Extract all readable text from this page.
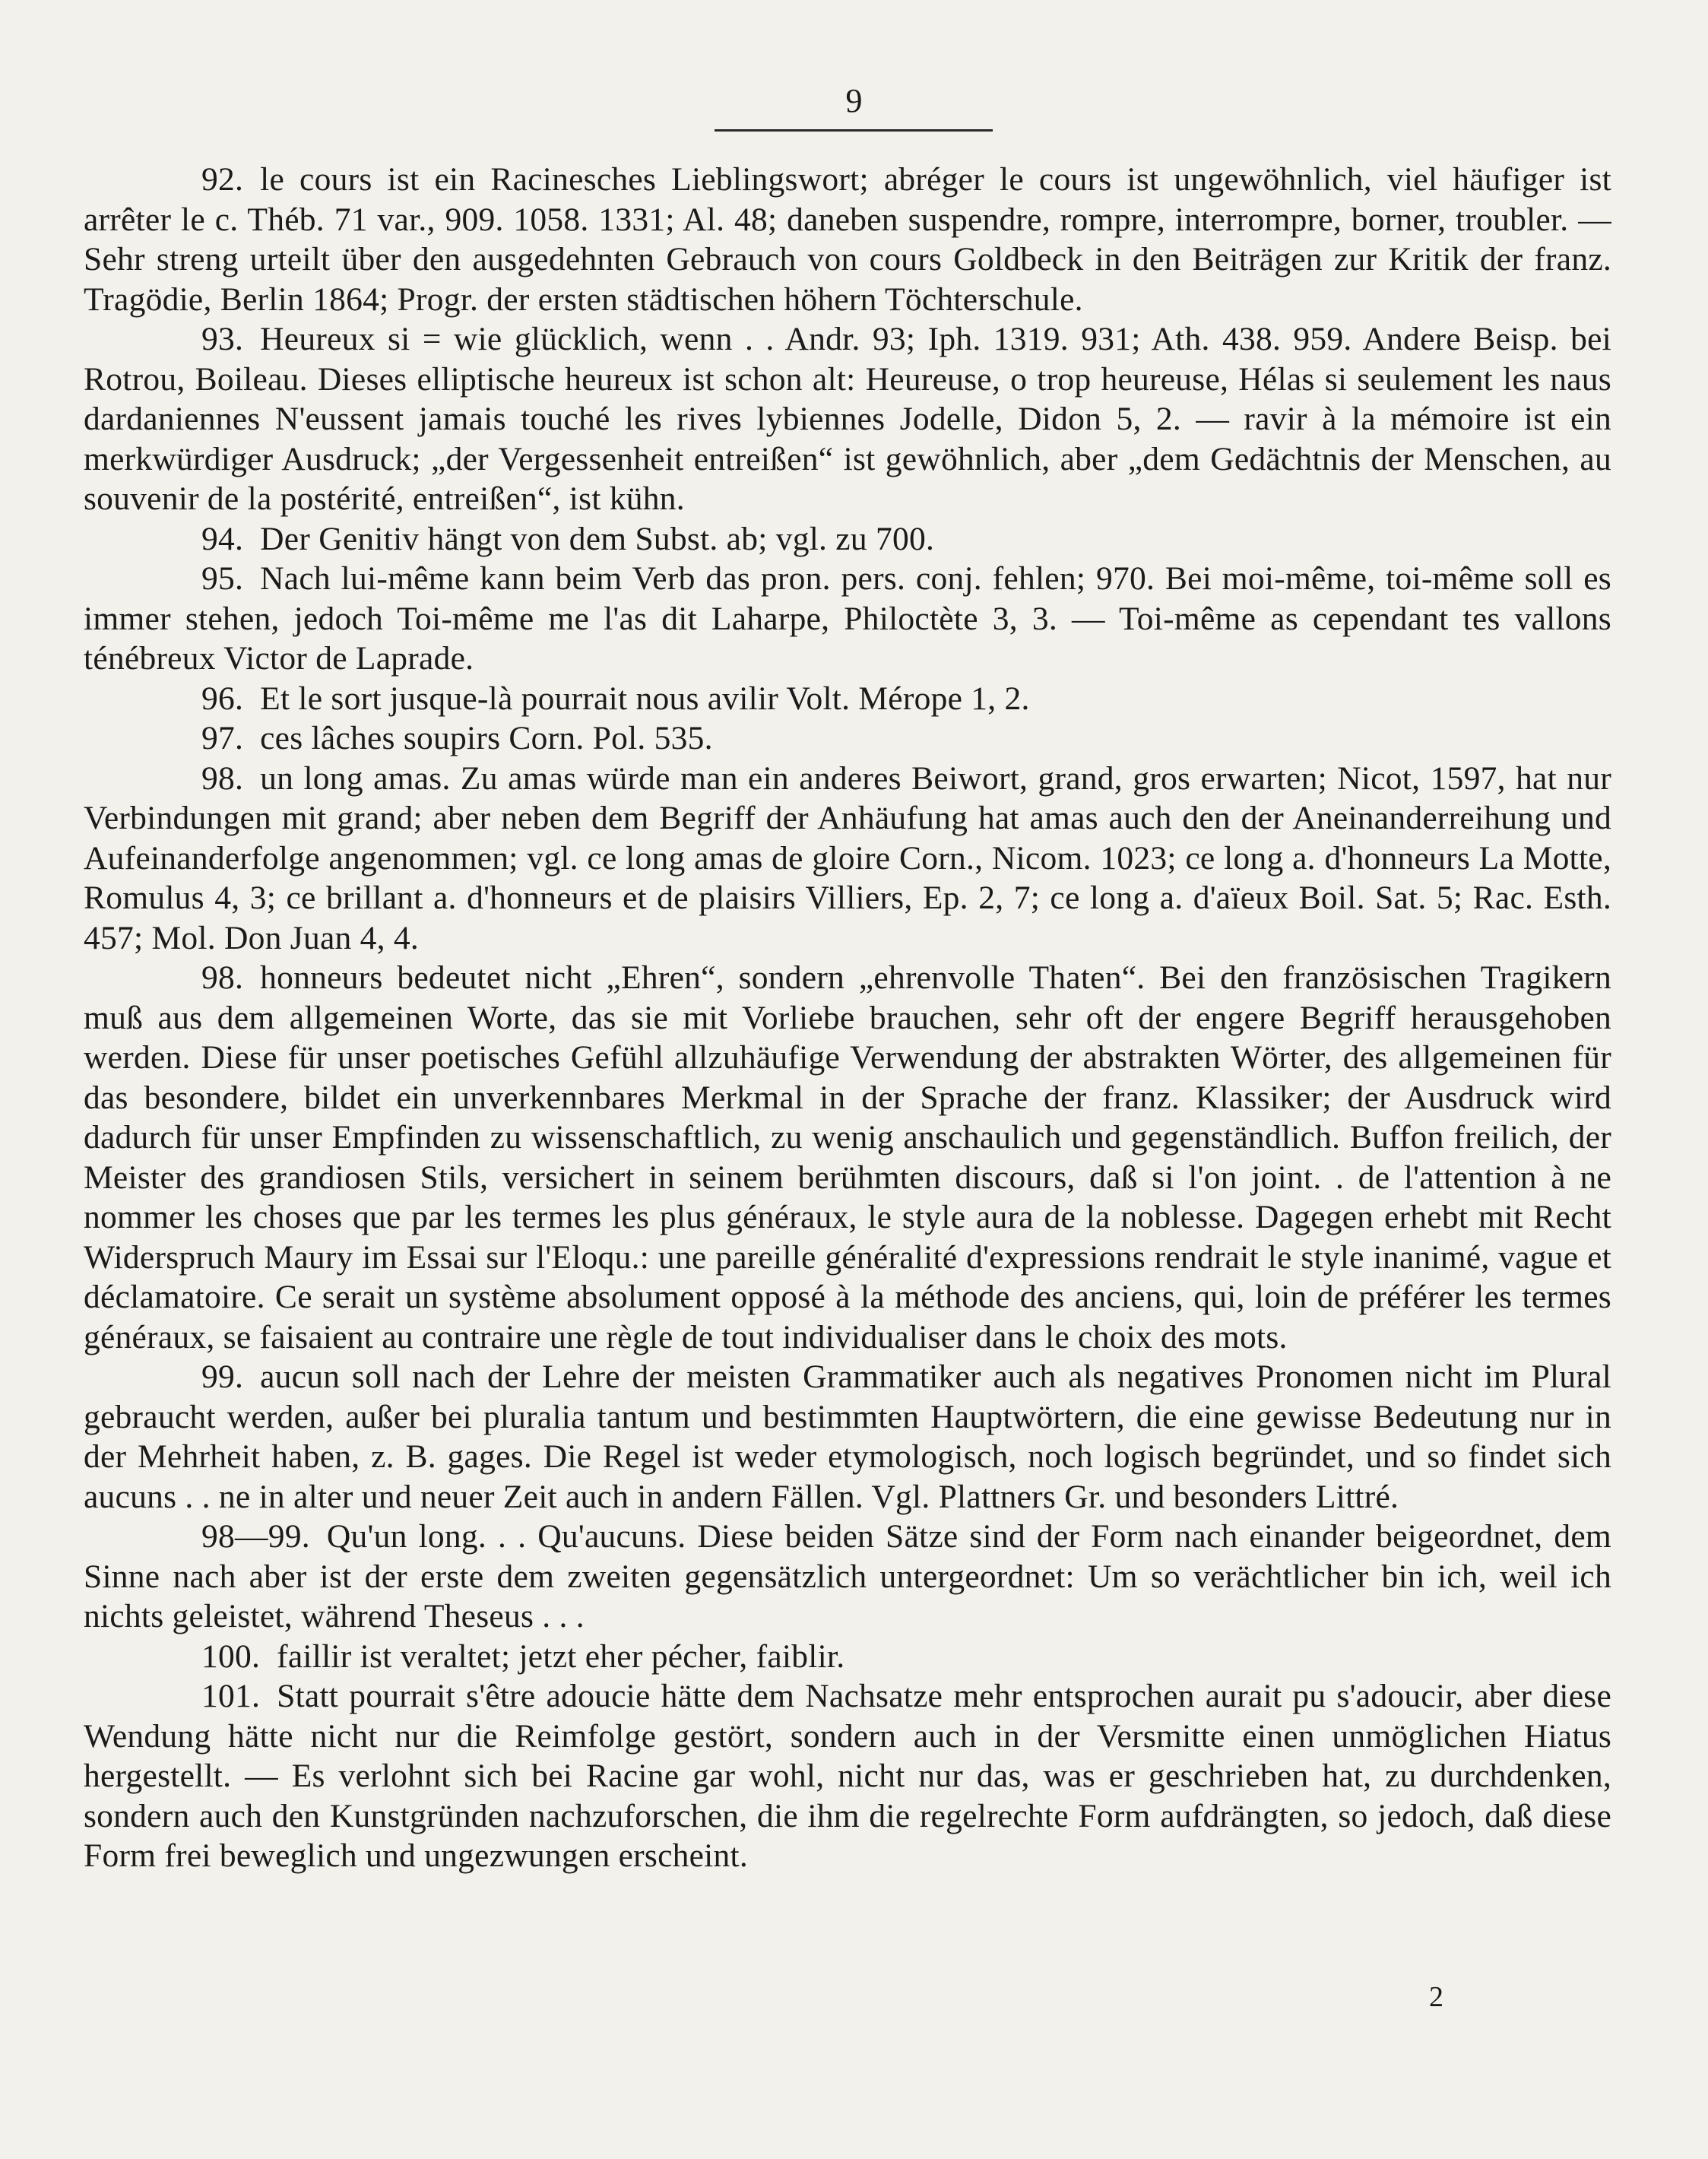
9

92. le cours ist ein Racinesches Lieblingswort; abréger le cours ist ungewöhnlich, viel häufiger ist arrêter le c. Théb. 71 var., 909. 1058. 1331; Al. 48; daneben suspendre, rompre, interrompre, borner, troubler. — Sehr streng urteilt über den ausgedehnten Gebrauch von cours Goldbeck in den Beiträgen zur Kritik der franz. Tragödie, Berlin 1864; Progr. der ersten städtischen höhern Töchterschule.

93. Heureux si = wie glücklich, wenn . . Andr. 93; Iph. 1319. 931; Ath. 438. 959. Andere Beisp. bei Rotrou, Boileau. Dieses elliptische heureux ist schon alt: Heureuse, o trop heureuse, Hélas si seulement les naus dardaniennes N'eussent jamais touché les rives lybiennes Jodelle, Didon 5, 2. — ravir à la mémoire ist ein merkwürdiger Ausdruck; „der Vergessenheit entreißen“ ist gewöhnlich, aber „dem Gedächtnis der Menschen, au souvenir de la postérité, entreißen“, ist kühn.

94. Der Genitiv hängt von dem Subst. ab; vgl. zu 700.

95. Nach lui-même kann beim Verb das pron. pers. conj. fehlen; 970. Bei moi-même, toi-même soll es immer stehen, jedoch Toi-même me l'as dit Laharpe, Philoctète 3, 3. — Toi-même as cependant tes vallons ténébreux Victor de Laprade.

96. Et le sort jusque-là pourrait nous avilir Volt. Mérope 1, 2.

97. ces lâches soupirs Corn. Pol. 535.

98. un long amas. Zu amas würde man ein anderes Beiwort, grand, gros erwarten; Nicot, 1597, hat nur Verbindungen mit grand; aber neben dem Begriff der Anhäufung hat amas auch den der Aneinanderreihung und Aufeinanderfolge angenommen; vgl. ce long amas de gloire Corn., Nicom. 1023; ce long a. d'honneurs La Motte, Romulus 4, 3; ce brillant a. d'honneurs et de plaisirs Villiers, Ep. 2, 7; ce long a. d'aïeux Boil. Sat. 5; Rac. Esth. 457; Mol. Don Juan 4, 4.

98. honneurs bedeutet nicht „Ehren“, sondern „ehrenvolle Thaten“. Bei den französischen Tragikern muß aus dem allgemeinen Worte, das sie mit Vorliebe brauchen, sehr oft der engere Begriff herausgehoben werden. Diese für unser poetisches Gefühl allzuhäufige Verwendung der abstrakten Wörter, des allgemeinen für das besondere, bildet ein unverkennbares Merkmal in der Sprache der franz. Klassiker; der Ausdruck wird dadurch für unser Empfinden zu wissenschaftlich, zu wenig anschaulich und gegenständlich. Buffon freilich, der Meister des grandiosen Stils, versichert in seinem berühmten discours, daß si l'on joint. . de l'attention à ne nommer les choses que par les termes les plus généraux, le style aura de la noblesse. Dagegen erhebt mit Recht Widerspruch Maury im Essai sur l'Eloqu.: une pareille généralité d'expressions rendrait le style inanimé, vague et déclamatoire. Ce serait un système absolument opposé à la méthode des anciens, qui, loin de préférer les termes généraux, se faisaient au contraire une règle de tout individualiser dans le choix des mots.

99. aucun soll nach der Lehre der meisten Grammatiker auch als negatives Pronomen nicht im Plural gebraucht werden, außer bei pluralia tantum und bestimmten Hauptwörtern, die eine gewisse Bedeutung nur in der Mehrheit haben, z. B. gages. Die Regel ist weder etymologisch, noch logisch begründet, und so findet sich aucuns . . ne in alter und neuer Zeit auch in andern Fällen. Vgl. Plattners Gr. und besonders Littré.

98—99. Qu'un long. . . Qu'aucuns. Diese beiden Sätze sind der Form nach einander beigeordnet, dem Sinne nach aber ist der erste dem zweiten gegensätzlich untergeordnet: Um so verächtlicher bin ich, weil ich nichts geleistet, während Theseus . . .

100. faillir ist veraltet; jetzt eher pécher, faiblir.

101. Statt pourrait s'être adoucie hätte dem Nachsatze mehr entsprochen aurait pu s'adoucir, aber diese Wendung hätte nicht nur die Reimfolge gestört, sondern auch in der Versmitte einen unmöglichen Hiatus hergestellt. — Es verlohnt sich bei Racine gar wohl, nicht nur das, was er geschrieben hat, zu durchdenken, sondern auch den Kunstgründen nachzuforschen, die ihm die regelrechte Form aufdrängten, so jedoch, daß diese Form frei beweglich und ungezwungen erscheint.

2
